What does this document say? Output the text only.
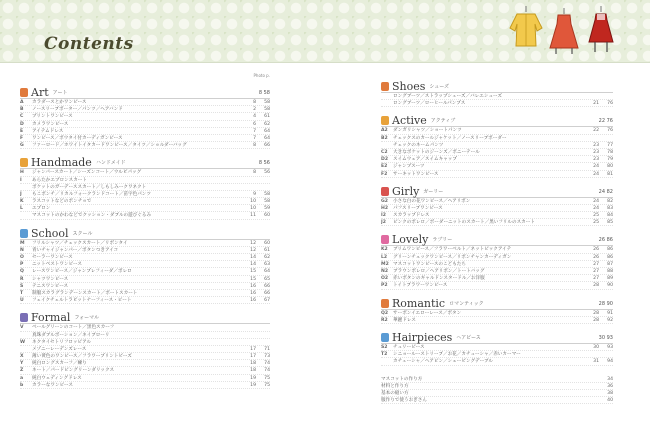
Contents
Photo p.
Art アート	8 58
A カラダースとかワンピース	8	58
B ノースリーブボーター／パンツ／ヘアバンド	2	58
C プリントワンピース	4	61
D カメラワンピース	6	62
E アイテムドレス	7	64
F ワンピース／ボウタイ付カーディガンピース	7	64
G ファーロード／ホワイトイタカードワンピース／タイツ／ショルダーバッグ	8	66
Handmade ハンドメイド	8 56
H ジャンパースカート／シーズンコート／ウルビパッグ	8	56
I あらたかエプロンスカート
ポケットのガーデーススカート／しもしみークワネクト
J もこポンチ／リカルフォークランドコート／苗字色パンツ	9	58
K ラスコットなどのポンチョで	10	58
L エプロン	10	59
マスコットのかわなどでクッション・ダブルの遊びぐるみ	11	60
School スクール
M フリルシャツ／チェックスカート／リボンタイ	12	60
N 青いチャイジャンパー／ボタンつきアイコ	12	61
O セーラーワンピース	14	62
P ニットベストワンピース	14	63
Q レースワンピース／ジャンプレフィーダ／ボレロ	15	64
R シャツワンピース	15	65
S テニスワンピース	16	66
T 制服スカラグランデーンスカート／ボートスカート	16	66
U フェイクチェルトラビットナーフィース・ピート	16	67
Formal フォーマル
V ベールグリーンのコート／黒色スカーフ
真珠ダブルボーション／ネイブローリ
W ネクタイセトリフロッピアル
メゾニーレーデンズレース	17	71
X 薄い黄色のワンピース／フラワープリントビーズ	17	73
Y 純白ロングスカーフ／練り	18	74
Z ネート／パードピングリーンダリックス	18	74
a 純白ウェディングドレス	19	75
b カラーなワンピース	19	75
Shoes シューズ
ロングブーツ／ストラップシューズ／バレエシューズ
ロングブーツ／ローヒールパンプス	21	76
Active アクティブ	22 76
A2 ダンガリシャツ／ショートパンツ	22	76
B2 チェックスのカールジャケット／ノースリーブボーダー
チェックのネームパンツ	23	77
C2 大きなポケットのジーンズ／ポニーテール	23	78
D2 スイムウェア／スイムキャップ	23	79
E2 ジャンプスーツ	24	80
F2 サーキットワンピース	24	81
Girly ガーリー	24 82
G2 小さな白の花ワンピース／ヘアリボン	24	82
H2 パフスリーブワンピース	24	83
I2 スカラップドレス	25	84
J2 ピンクのボレロ／ボーダーニットのスカート／黒いフリルのスカート	25	85
Lovely ラブリー	26 86
K2 ブリムワンピース／フラワーベルト／ネットピックアイテ	26	86
L2 グリーンチェックワンピース／リボンチャンカーディガン	26	86
M2 マスコットワンピースのこどもたち	27	87
N2 ブラウンボレロ／ヘアリボン／トートバッグ	27	88
O2 赤いボタンのギャルドンスタードル／お洋服	27	89
P2 トイトブラワーワンピース	28	90
Romantic ロマンティック	28 90
Q2 サーボンイエローレース／ボタン	28	91
R2 華麗ドレス	28	92
Hairpieces ヘアピース	30 93
S2 チュリーピース	30	93
T2 シニョールーストリーブ／お花／カチューシャ／赤いカーマー
カチューシャ／ヘアピン／シェービングデーブル	31	94
マスコットの作り方	34
材料と作り方	36
基本の縫い方	38
服作りで使うおぎさん	40
